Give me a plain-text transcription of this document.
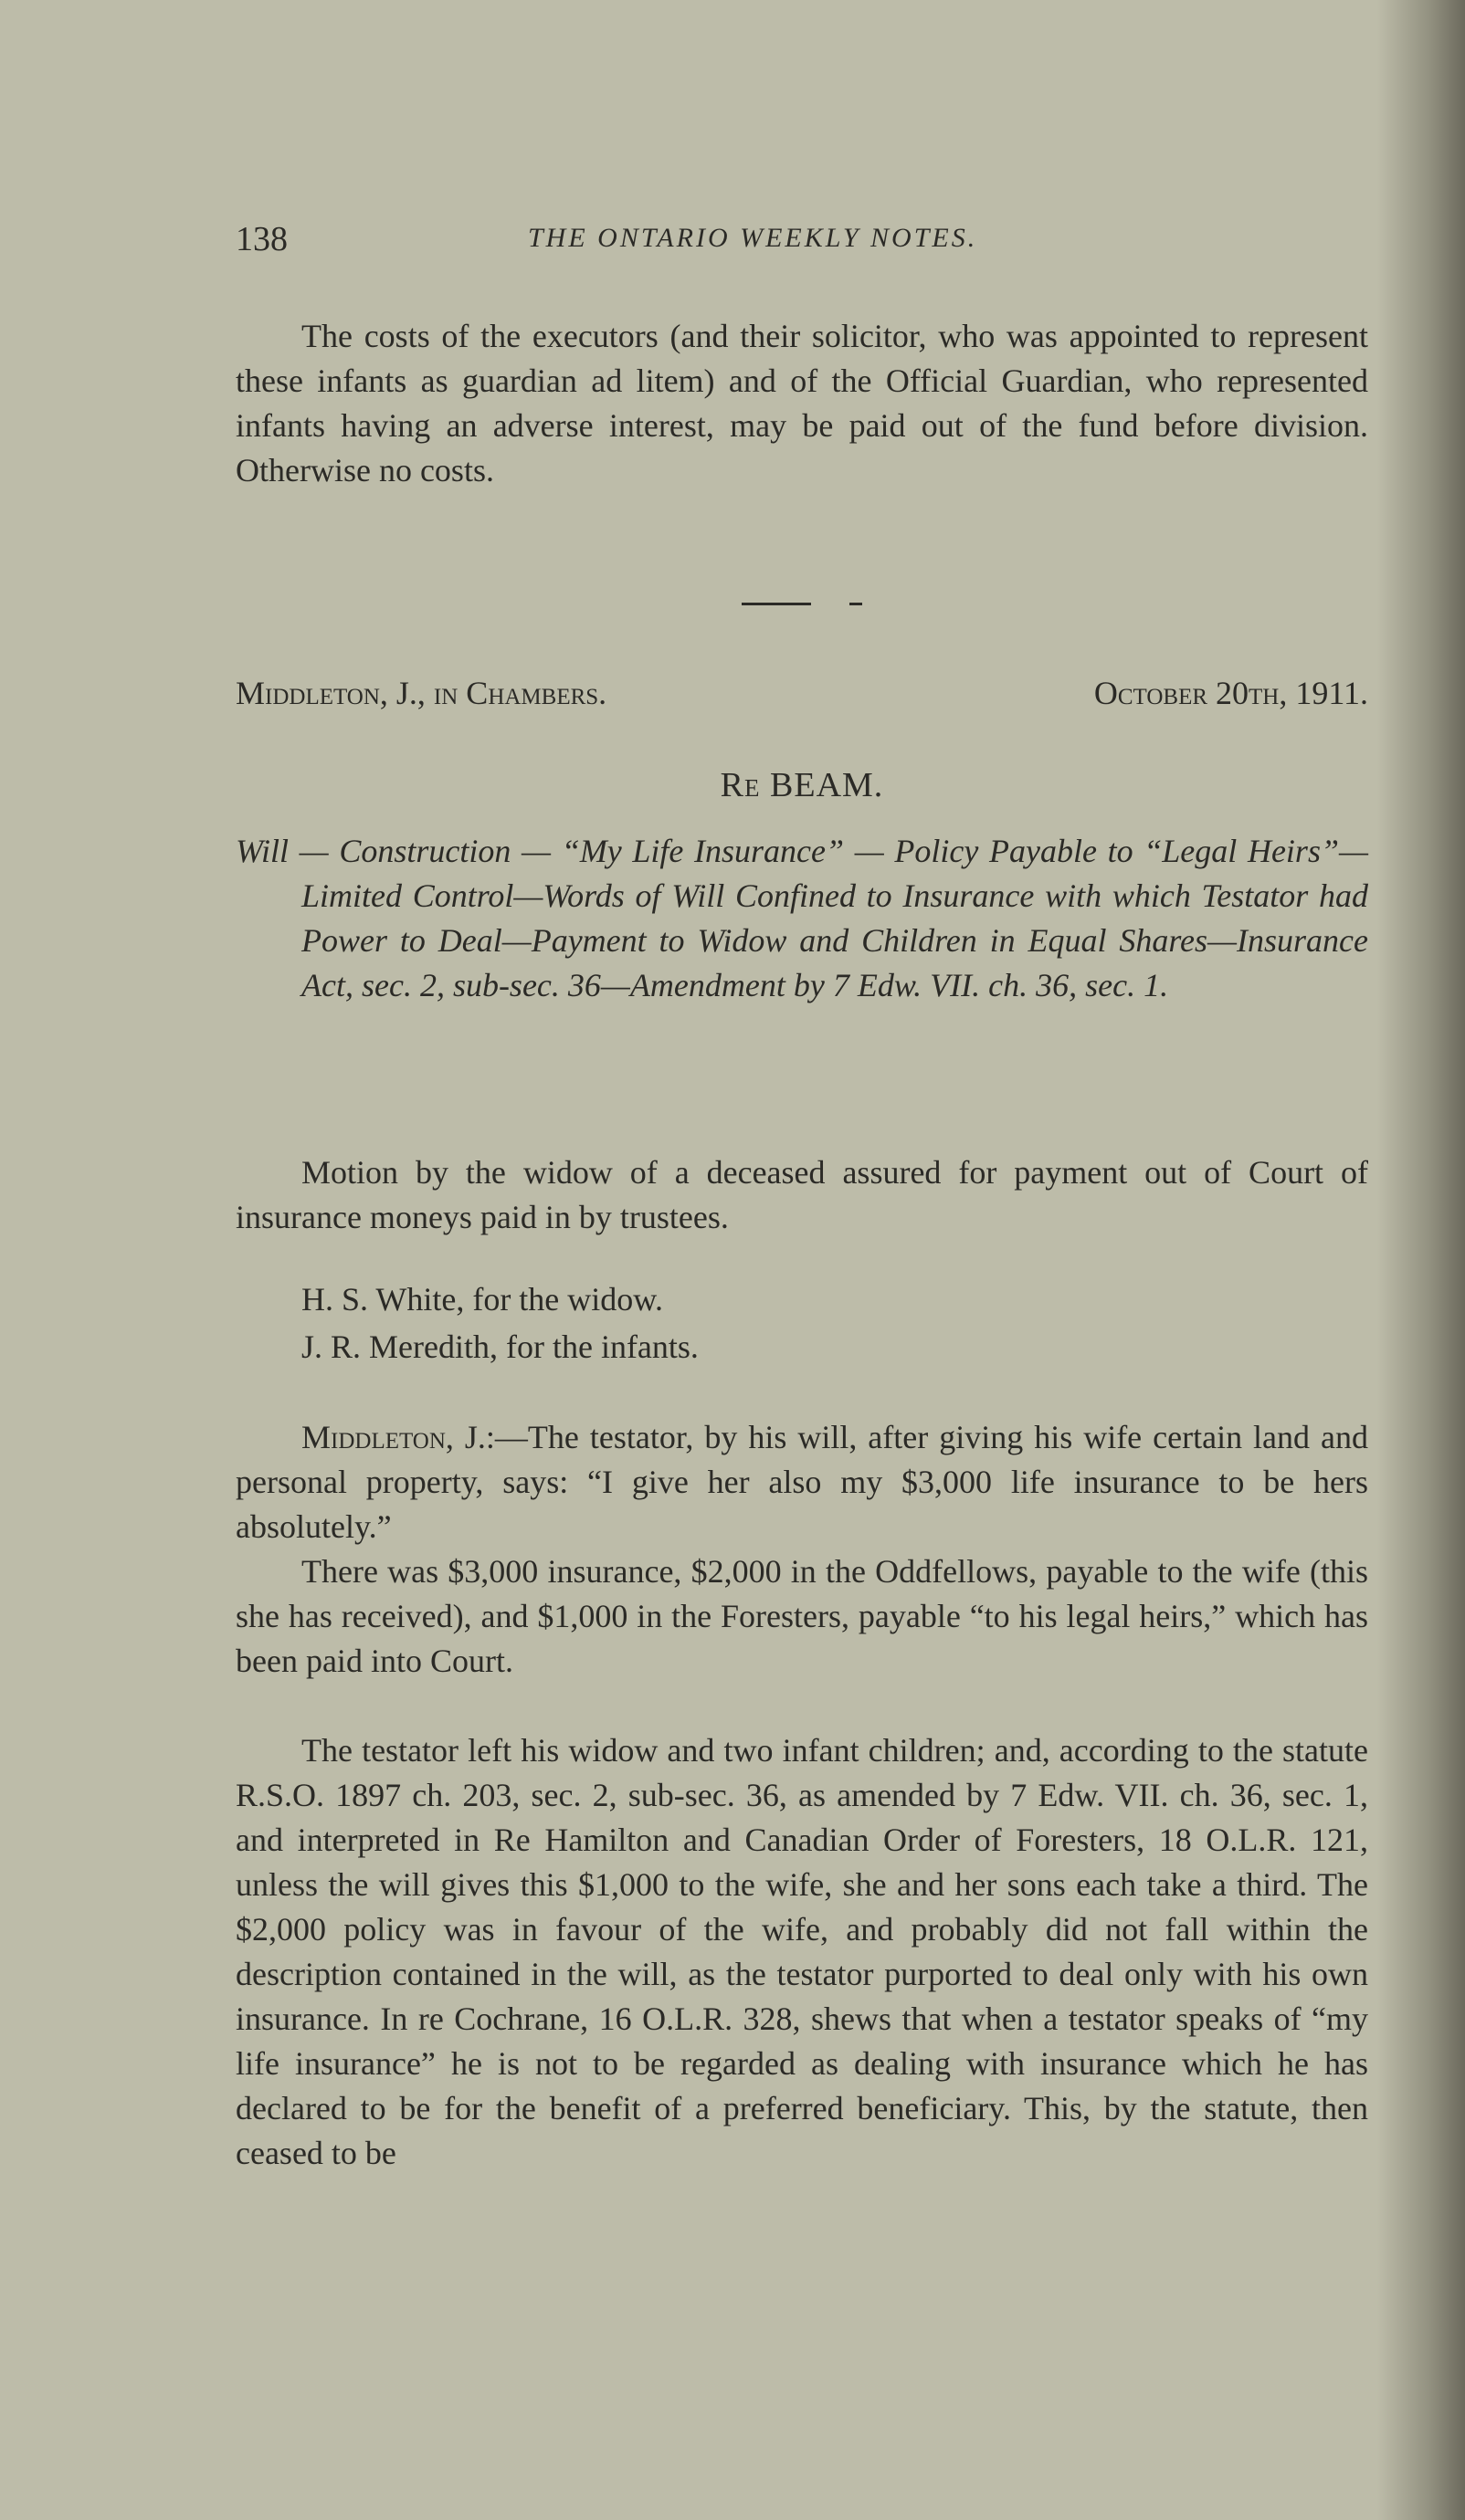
138	THE ONTARIO WEEKLY NOTES.

The costs of the executors (and their solicitor, who was appointed to represent these infants as guardian ad litem) and of the Official Guardian, who represented infants having an adverse interest, may be paid out of the fund before division. Otherwise no costs.

Middleton, J., in Chambers.	October 20th, 1911.
Re BEAM.
Will — Construction — “My Life Insurance” — Policy Payable to “Legal Heirs”—Limited Control—Words of Will Confined to Insurance with which Testator had Power to Deal—Payment to Widow and Children in Equal Shares—Insurance Act, sec. 2, sub-sec. 36—Amendment by 7 Edw. VII. ch. 36, sec. 1.

Motion by the widow of a deceased assured for payment out of Court of insurance moneys paid in by trustees.

H. S. White, for the widow.
J. R. Meredith, for the infants.

Middleton, J.:—The testator, by his will, after giving his wife certain land and personal property, says: “I give her also my $3,000 life insurance to be hers absolutely.”

There was $3,000 insurance, $2,000 in the Oddfellows, payable to the wife (this she has received), and $1,000 in the Foresters, payable “to his legal heirs,” which has been paid into Court.

The testator left his widow and two infant children; and, according to the statute R.S.O. 1897 ch. 203, sec. 2, sub-sec. 36, as amended by 7 Edw. VII. ch. 36, sec. 1, and interpreted in Re Hamilton and Canadian Order of Foresters, 18 O.L.R. 121, unless the will gives this $1,000 to the wife, she and her sons each take a third. The $2,000 policy was in favour of the wife, and probably did not fall within the description contained in the will, as the testator purported to deal only with his own insurance. In re Cochrane, 16 O.L.R. 328, shews that when a testator speaks of “my life insurance” he is not to be regarded as dealing with insurance which he has declared to be for the benefit of a preferred beneficiary. This, by the statute, then ceased to be
